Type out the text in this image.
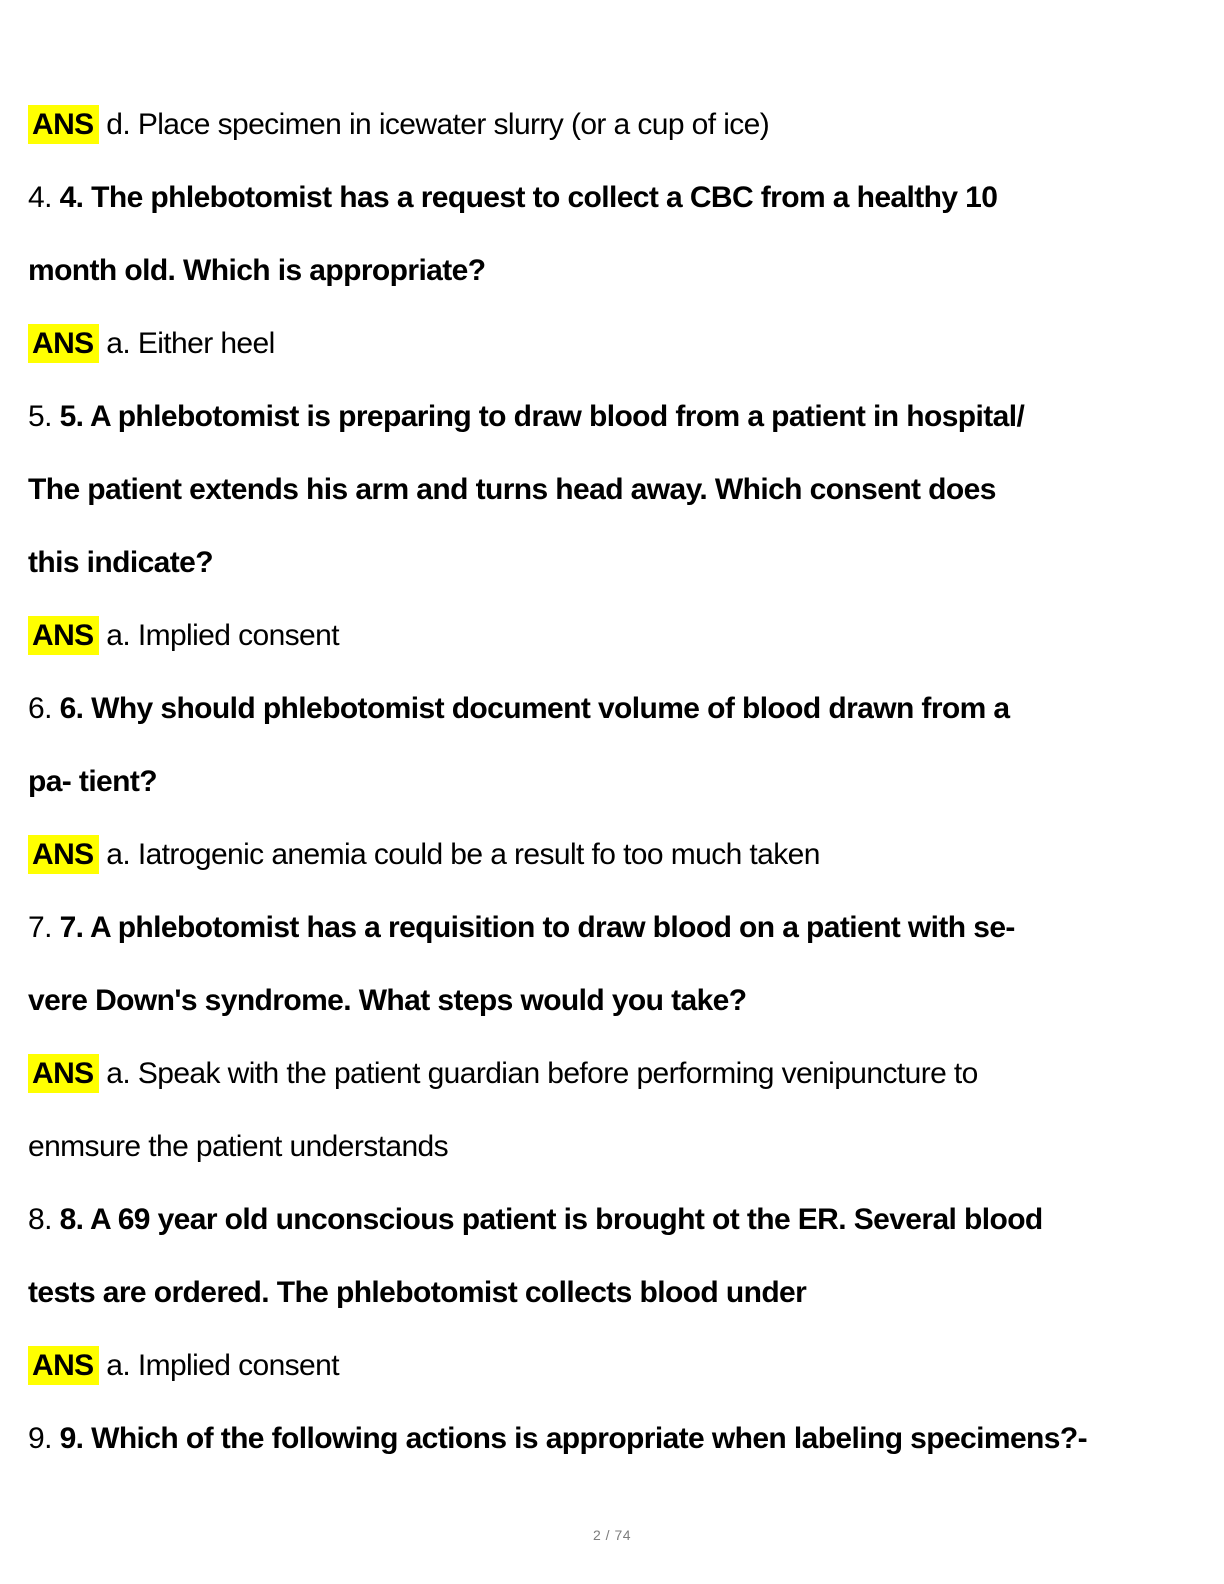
ANS d. Place specimen in icewater slurry (or a cup of ice)
4. 4. The phlebotomist has a request to collect a CBC from a healthy 10
month old. Which is appropriate?
ANS a. Either heel
5. 5. A phlebotomist is preparing to draw blood from a patient in hospital/
The patient extends his arm and turns head away. Which consent does
this indicate?
ANS a. Implied consent
6. 6. Why should phlebotomist document volume of blood drawn from a
pa- tient?
ANS a. Iatrogenic anemia could be a result fo too much taken
7. 7. A phlebotomist has a requisition to draw blood on a patient with se-
vere Down's syndrome. What steps would you take?
ANS a. Speak with the patient guardian before performing venipuncture to
enmsure the patient understands
8. 8. A 69 year old unconscious patient is brought ot the ER. Several blood
tests are ordered. The phlebotomist collects blood under
ANS a. Implied consent
9. 9. Which of the following actions is appropriate when labeling specimens?-
2 / 74
